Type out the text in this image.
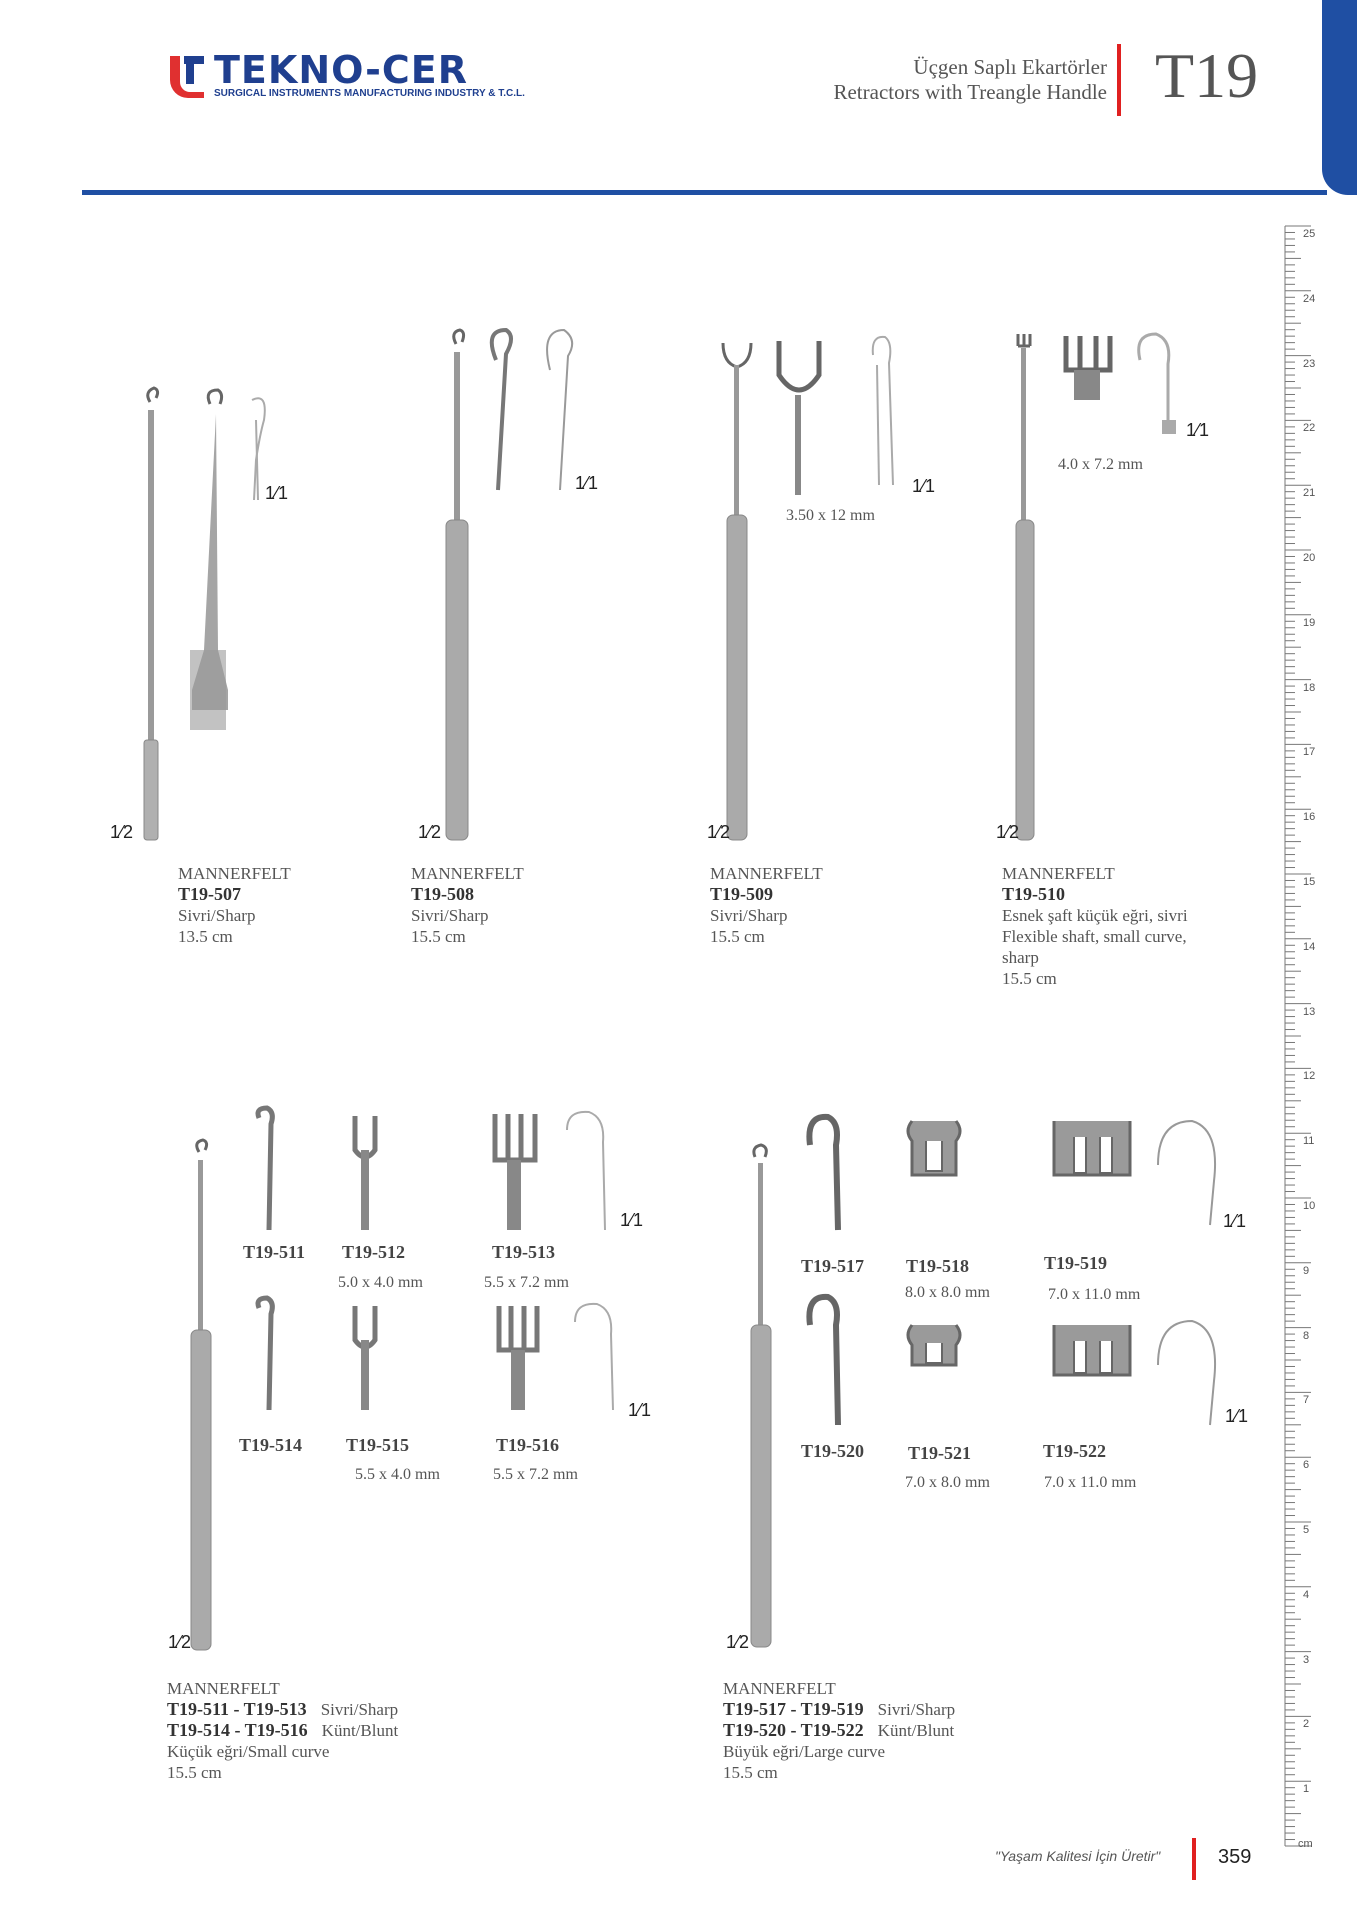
TEKNO-CER
SURGICAL INSTRUMENTS MANUFACTURING INDUSTRY & T.C.L.
Üçgen Saplı Ekartörler
Retractors with Treangle Handle T19
25
24
23
22
21
20
19
18
17
16
15
14
13
12
11
10
9
8
7
6
5
4
3
2
1
1⁄2
1⁄1
1⁄2
1⁄1
1⁄2
1⁄1
3.50 x 12 mm
1⁄2
1⁄1
4.0 x 7.2 mm
MANNERFELT
T19-507
Sivri/Sharp
13.5 cm
MANNERFELT
T19-508
Sivri/Sharp
15.5 cm
MANNERFELT
T19-509
Sivri/Sharp
15.5 cm
MANNERFELT
T19-510
Esnek şaft küçük eğri, sivri
Flexible shaft, small curve,
sharp
15.5 cm
1⁄2
1⁄1
1⁄1
T19-511 T19-512
5.0 x 4.0 mm
T19-513
5.5 x 7.2 mm
T19-514 T19-515
5.5 x 4.0 mm
T19-516
5.5 x 7.2 mm
MANNERFELT
T19-511 - T19-513 Sivri/Sharp
T19-514 - T19-516 Künt/Blunt
Küçük eğri/Small curve
15.5 cm
1⁄2
1⁄1
1⁄1
T19-517 T19-518
8.0 x 8.0 mm
T19-519
7.0 x 11.0 mm
T19-520 T19-521
7.0 x 8.0 mm
T19-522
7.0 x 11.0 mm
MANNERFELT
T19-517 - T19-519 Sivri/Sharp
T19-520 - T19-522 Künt/Blunt
Büyük eğri/Large curve
15.5 cm
"Yaşam Kalitesi İçin Üretir"	359
cm
